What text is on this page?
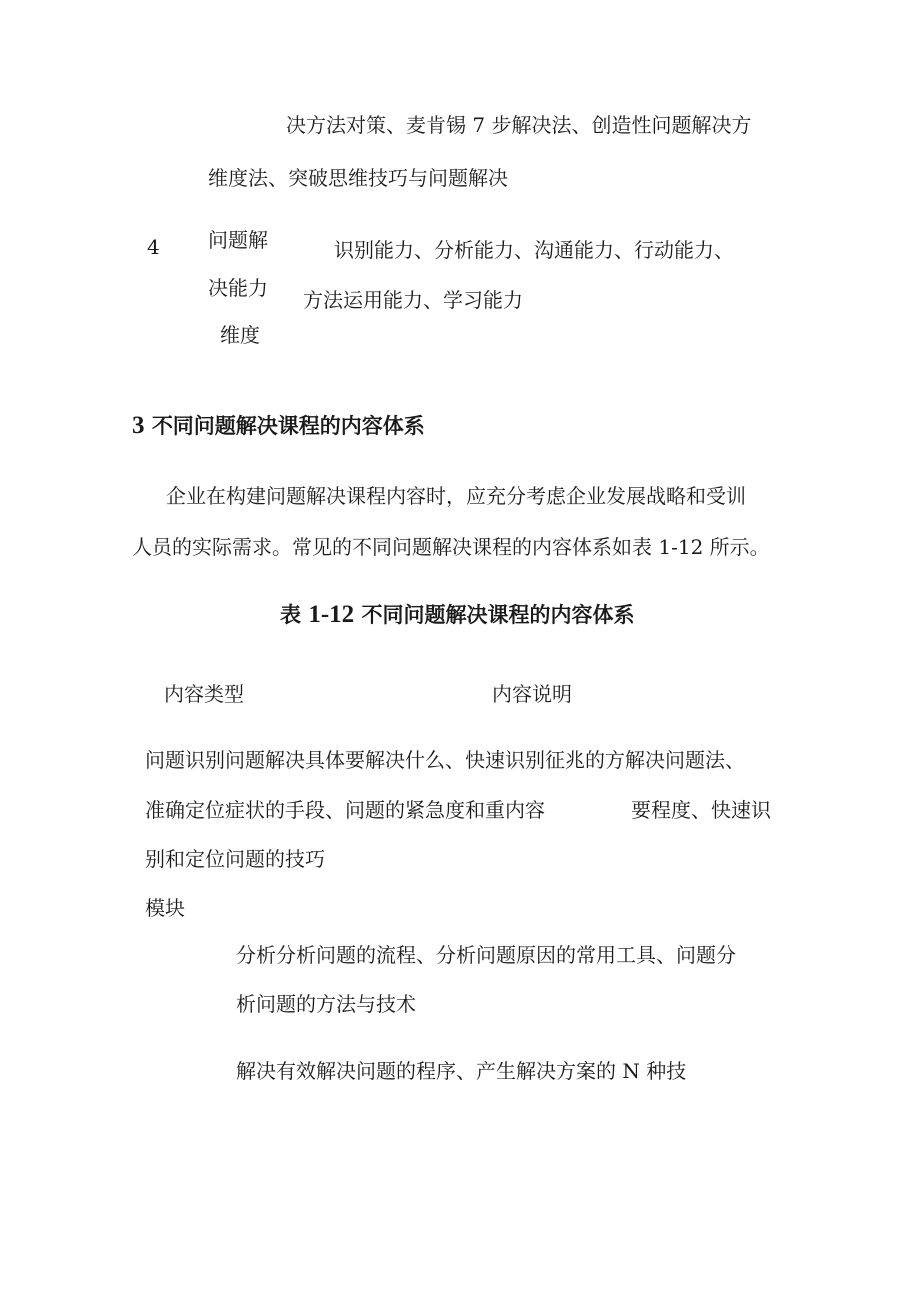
决方法对策、麦肯锡 7 步解决法、创造性问题解决方
维度法、突破思维技巧与问题解决
4 问题解
决能力
维度
识别能力、分析能力、沟通能力、行动能力、
方法运用能力、学习能力
3 不同问题解决课程的内容体系
企业在构建问题解决课程内容时，应充分考虑企业发展战略和受训
人员的实际需求。常见的不同问题解决课程的内容体系如表 1-12 所示。
表 1-12 不同问题解决课程的内容体系
内容类型	内容说明
问题识别问题解决具体要解决什么、快速识别征兆的方解决问题法、
准确定位症状的手段、问题的紧急度和重内容	要程度、快速识
别和定位问题的技巧
模块
分析分析问题的流程、分析问题原因的常用工具、问题分
析问题的方法与技术
解决有效解决问题的程序、产生解决方案的 N 种技
